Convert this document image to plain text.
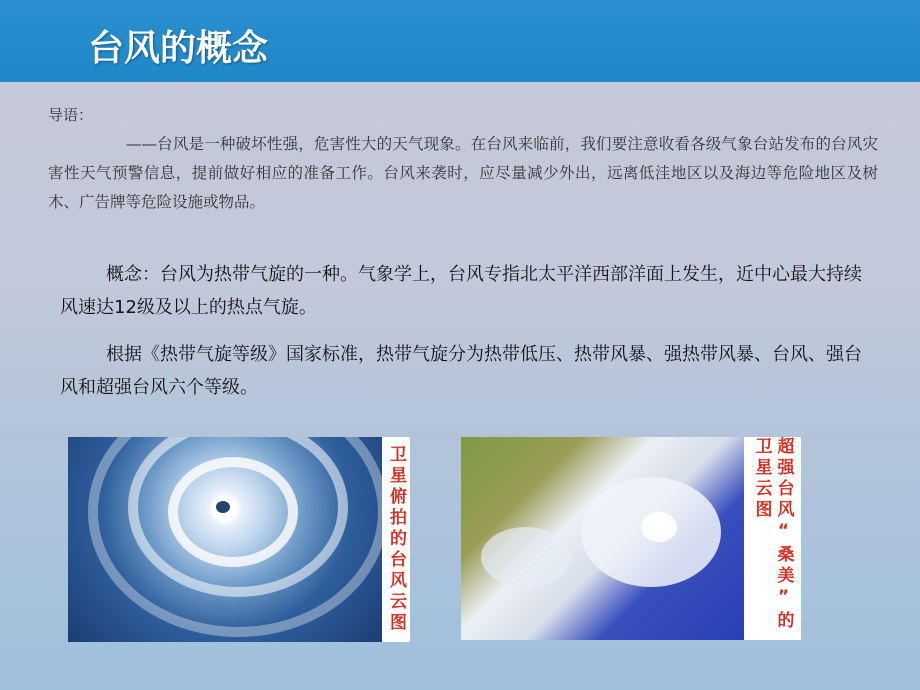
台风的概念
导语：
——台风是一种破坏性强，危害性大的天气现象。在台风来临前，我们要注意收看各级气象台站发布的台风灾害性天气预警信息，提前做好相应的准备工作。台风来袭时，应尽量减少外出，远离低洼地区以及海边等危险地区及树木、广告牌等危险设施或物品。
概念：台风为热带气旋的一种。气象学上，台风专指北太平洋西部洋面上发生，近中心最大持续风速达12级及以上的热点气旋。
根据《热带气旋等级》国家标准，热带气旋分为热带低压、热带风暴、强热带风暴、台风、强台风和超强台风六个等级。
卫星俯拍的台风云图	超强台风“桑美”的卫星云图
